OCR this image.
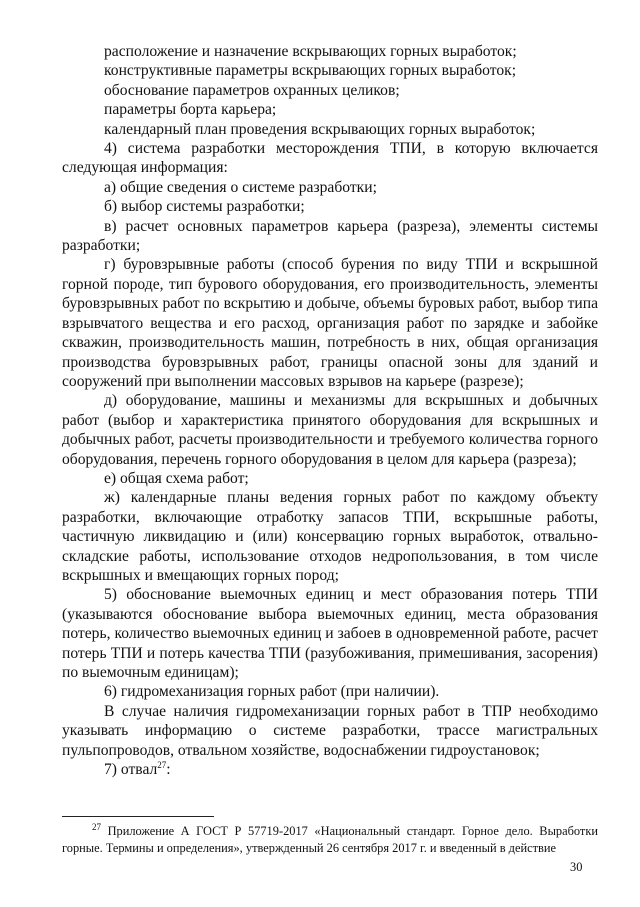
расположение и назначение вскрывающих горных выработок;

конструктивные параметры вскрывающих горных выработок;

обоснование параметров охранных целиков;

параметры борта карьера;

календарный план проведения вскрывающих горных выработок;

4) система разработки месторождения ТПИ, в которую включается следующая информация:

а) общие сведения о системе разработки;

б) выбор системы разработки;

в) расчет основных параметров карьера (разреза), элементы системы разработки;

г) буровзрывные работы (способ бурения по виду ТПИ и вскрышной горной породе, тип бурового оборудования, его производительность, элементы буровзрывных работ по вскрытию и добыче, объемы буровых работ, выбор типа взрывчатого вещества и его расход, организация работ по зарядке и забойке скважин, производительность машин, потребность в них, общая организация производства буровзрывных работ, границы опасной зоны для зданий и сооружений при выполнении массовых взрывов на карьере (разрезе);

д) оборудование, машины и механизмы для вскрышных и добычных работ (выбор и характеристика принятого оборудования для вскрышных и добычных работ, расчеты производительности и требуемого количества горного оборудования, перечень горного оборудования в целом для карьера (разреза);

е) общая схема работ;

ж) календарные планы ведения горных работ по каждому объекту разработки, включающие отработку запасов ТПИ, вскрышные работы, частичную ликвидацию и (или) консервацию горных выработок, отвально-складские работы, использование отходов недропользования, в том числе вскрышных и вмещающих горных пород;

5) обоснование выемочных единиц и мест образования потерь ТПИ (указываются обоснование выбора выемочных единиц, места образования потерь, количество выемочных единиц и забоев в одновременной работе, расчет потерь ТПИ и потерь качества ТПИ (разубоживания, примешивания, засорения) по выемочным единицам);

6) гидромеханизация горных работ (при наличии).

В случае наличия гидромеханизации горных работ в ТПР необходимо указывать информацию о системе разработки, трассе магистральных пульпопроводов, отвальном хозяйстве, водоснабжении гидроустановок;

7) отвал$^{27}$:

$^{27}$ Приложение А ГОСТ Р 57719-2017 «Национальный стандарт. Горное дело. Выработки горные. Термины и определения», утвержденный 26 сентября 2017 г. и введенный в действие
30
